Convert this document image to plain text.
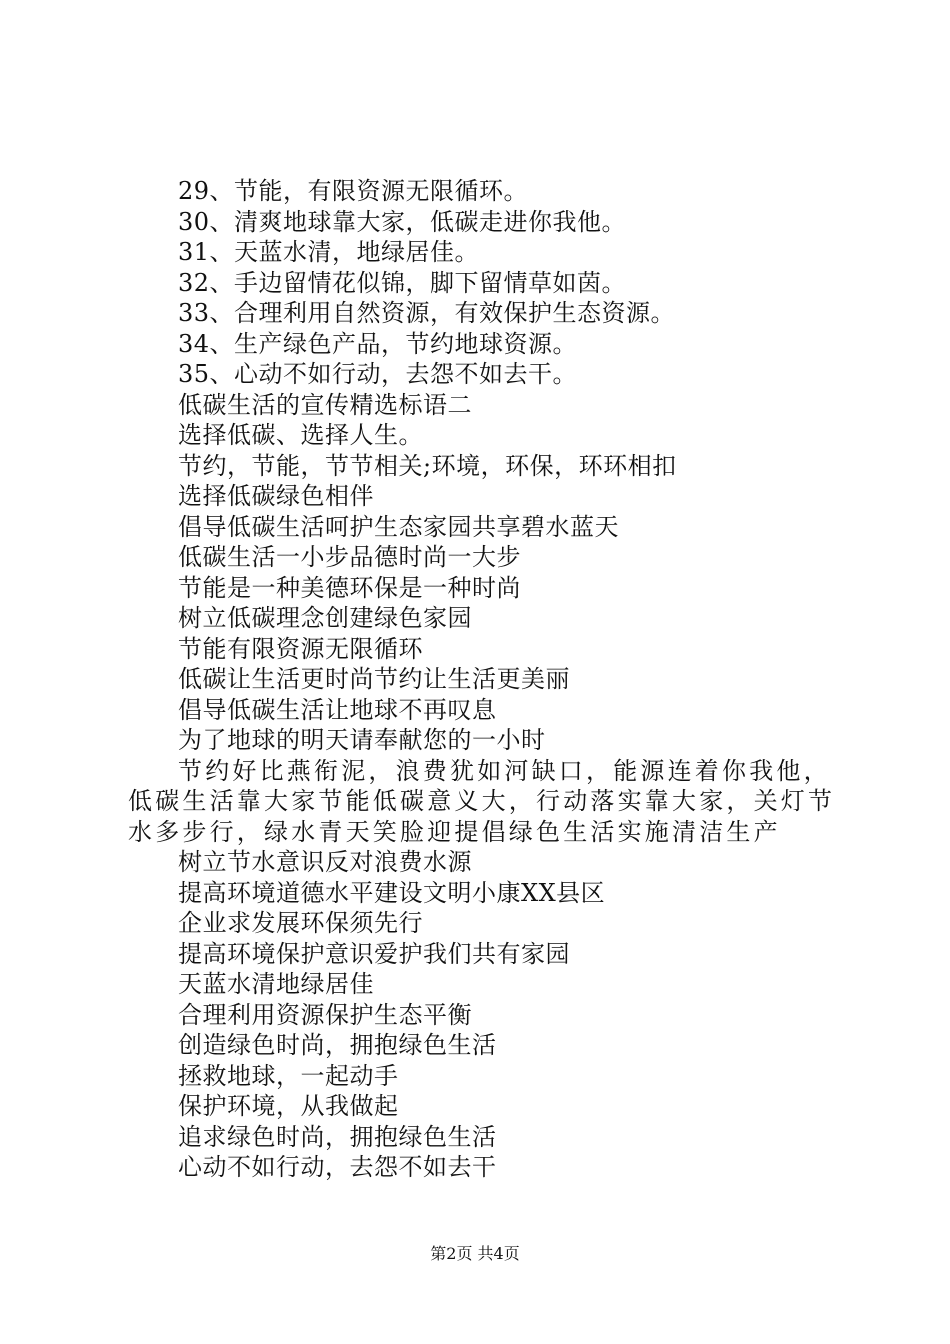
29、节能，有限资源无限循环。
30、清爽地球靠大家，低碳走进你我他。
31、天蓝水清，地绿居佳。
32、手边留情花似锦，脚下留情草如茵。
33、合理利用自然资源，有效保护生态资源。
34、生产绿色产品，节约地球资源。
35、心动不如行动，去怨不如去干。
低碳生活的宣传精选标语二
选择低碳、选择人生。
节约，节能，节节相关;环境，环保，环环相扣
选择低碳绿色相伴
倡导低碳生活呵护生态家园共享碧水蓝天
低碳生活一小步品德时尚一大步
节能是一种美德环保是一种时尚
树立低碳理念创建绿色家园
节能有限资源无限循环
低碳让生活更时尚节约让生活更美丽
倡导低碳生活让地球不再叹息
为了地球的明天请奉献您的一小时
节约好比燕衔泥，浪费犹如河缺口，能源连着你我他，低碳生活靠大家节能低碳意义大，行动落实靠大家，关灯节水多步行，绿水青天笑脸迎提倡绿色生活实施清洁生产
树立节水意识反对浪费水源
提高环境道德水平建设文明小康XX县区
企业求发展环保须先行
提高环境保护意识爱护我们共有家园
天蓝水清地绿居佳
合理利用资源保护生态平衡
创造绿色时尚，拥抱绿色生活
拯救地球，一起动手
保护环境，从我做起
追求绿色时尚，拥抱绿色生活
心动不如行动，去怨不如去干
第2页 共4页
